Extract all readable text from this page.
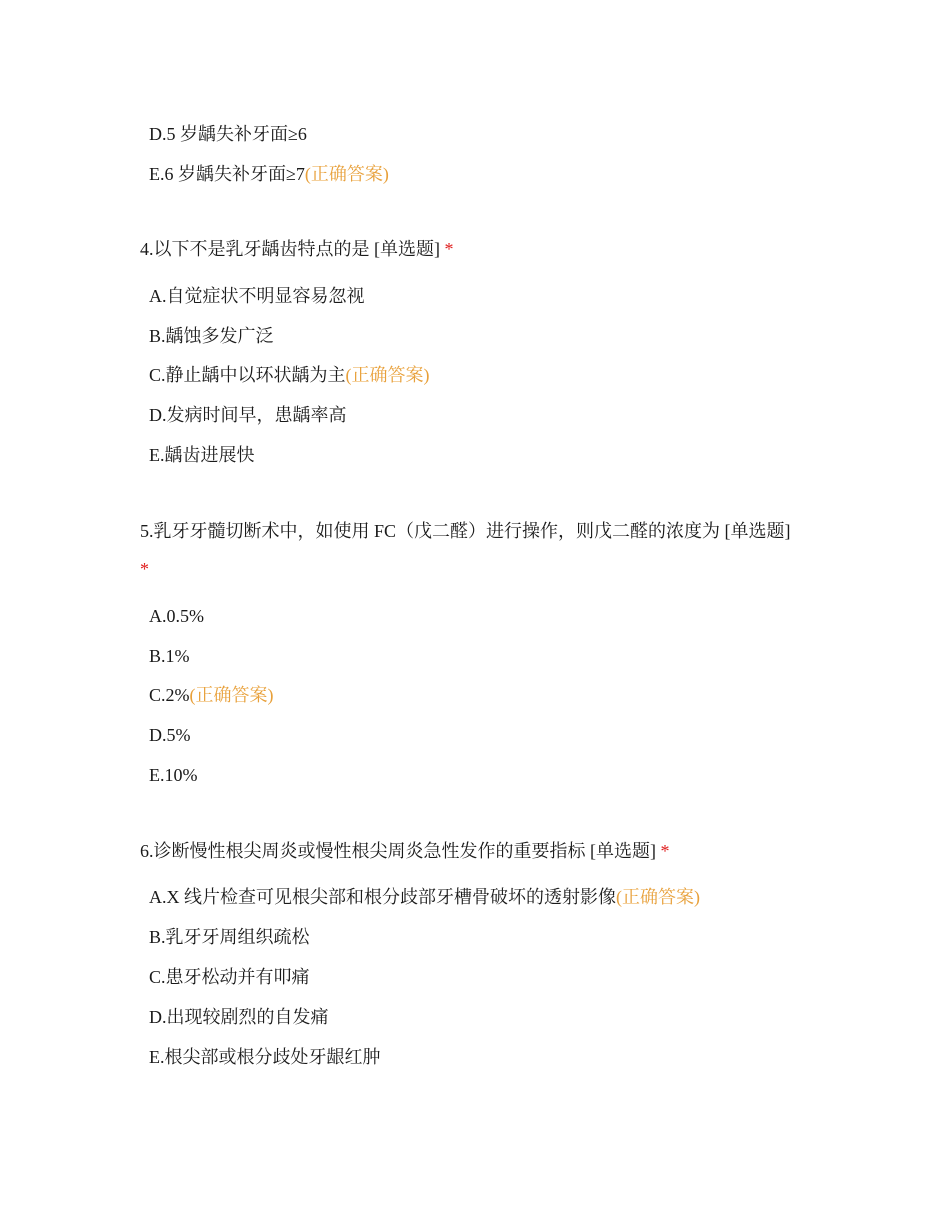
D.5 岁龋失补牙面≥6
E.6 岁龋失补牙面≥7(正确答案)
4.以下不是乳牙龋齿特点的是 [单选题] *
A.自觉症状不明显容易忽视
B.龋蚀多发广泛
C.静止龋中以环状龋为主(正确答案)
D.发病时间早，患龋率高
E.龋齿进展快
5.乳牙牙髓切断术中，如使用 FC（戊二醛）进行操作，则戊二醛的浓度为 [单选题] *
A.0.5%
B.1%
C.2%(正确答案)
D.5%
E.10%
6.诊断慢性根尖周炎或慢性根尖周炎急性发作的重要指标 [单选题] *
A.X 线片检查可见根尖部和根分歧部牙槽骨破坏的透射影像(正确答案)
B.乳牙牙周组织疏松
C.患牙松动并有叩痛
D.出现较剧烈的自发痛
E.根尖部或根分歧处牙龈红肿
